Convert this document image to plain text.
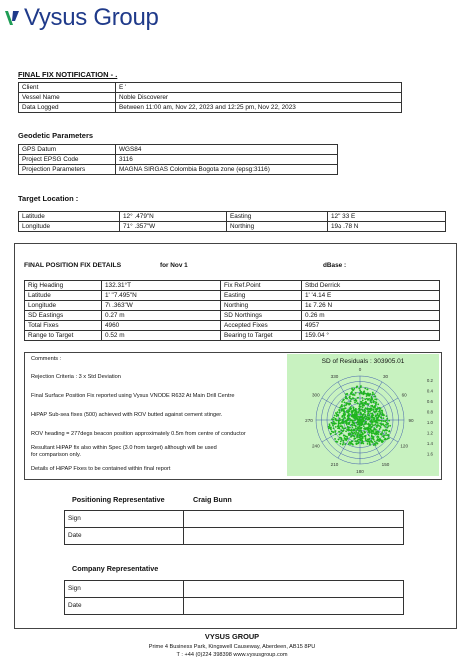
Vysus Group
FINAL FIX NOTIFICATION - .
Client	E '
Vessel Name	Noble Discoverer
Data Logged	Between 11:00 am, Nov 22, 2023 and 12:25 pm, Nov 22, 2023
Geodetic Parameters
GPS Datum	WGS84
Project EPSG Code	3116
Projection Parameters	MAGNA SIRGAS Colombia Bogota zone (epsg:3116)
Target Location :
Latitude	12° .479"N	Easting	12" 33 E
Longitude	71° .357"W	Northing	19ა .78 N
FINAL POSITION FIX DETAILS	for Nov 1	dBase :
Rig Heading	132.31°T	Fix Ref.Point	Stbd Derrick
Latitude	1' "7.495"N	Easting	1' '4.14 E
Longitude	7\ .363"W	Northing	1ɛ 7.26 N
SD Eastings	0.27 m	SD Northings	0.26 m
Total Fixes	4960	Accepted Fixes	4957
Range to Target	0.52 m	Bearing to Target	159.04 °
Comments :
Rejection Criteria : 3 x Std Deviation
Final Surface Position Fix reported using Vysus VNODE R632 At Main Drill Centre
HiPAP Sub-sea fixes (500) achieved with ROV butted against cement stinger.
ROV heading = 277degs beacon position approximately 0.5m from centre of conductor
Resultant HiPAP fix also within Spec (3.0 from target) although will be used
for comparison only.
Details of HiPAP Fixes to be contained within final report
SD of Residuals : 303905.01
0
30
60
90
120
150
180
210
240
270
300
330
0.2
0.4
0.6
0.8
1.0
1.2
1.4
1.6
Positioning Representative	Craig Bunn
Sign	
Date	
Company Representative
Sign	
Date	
VYSUS GROUP
Prime 4 Business Park, Kingswell Causeway, Aberdeen, AB15 8PU
T : +44 (0)224 398398 www.vysusgroup.com
